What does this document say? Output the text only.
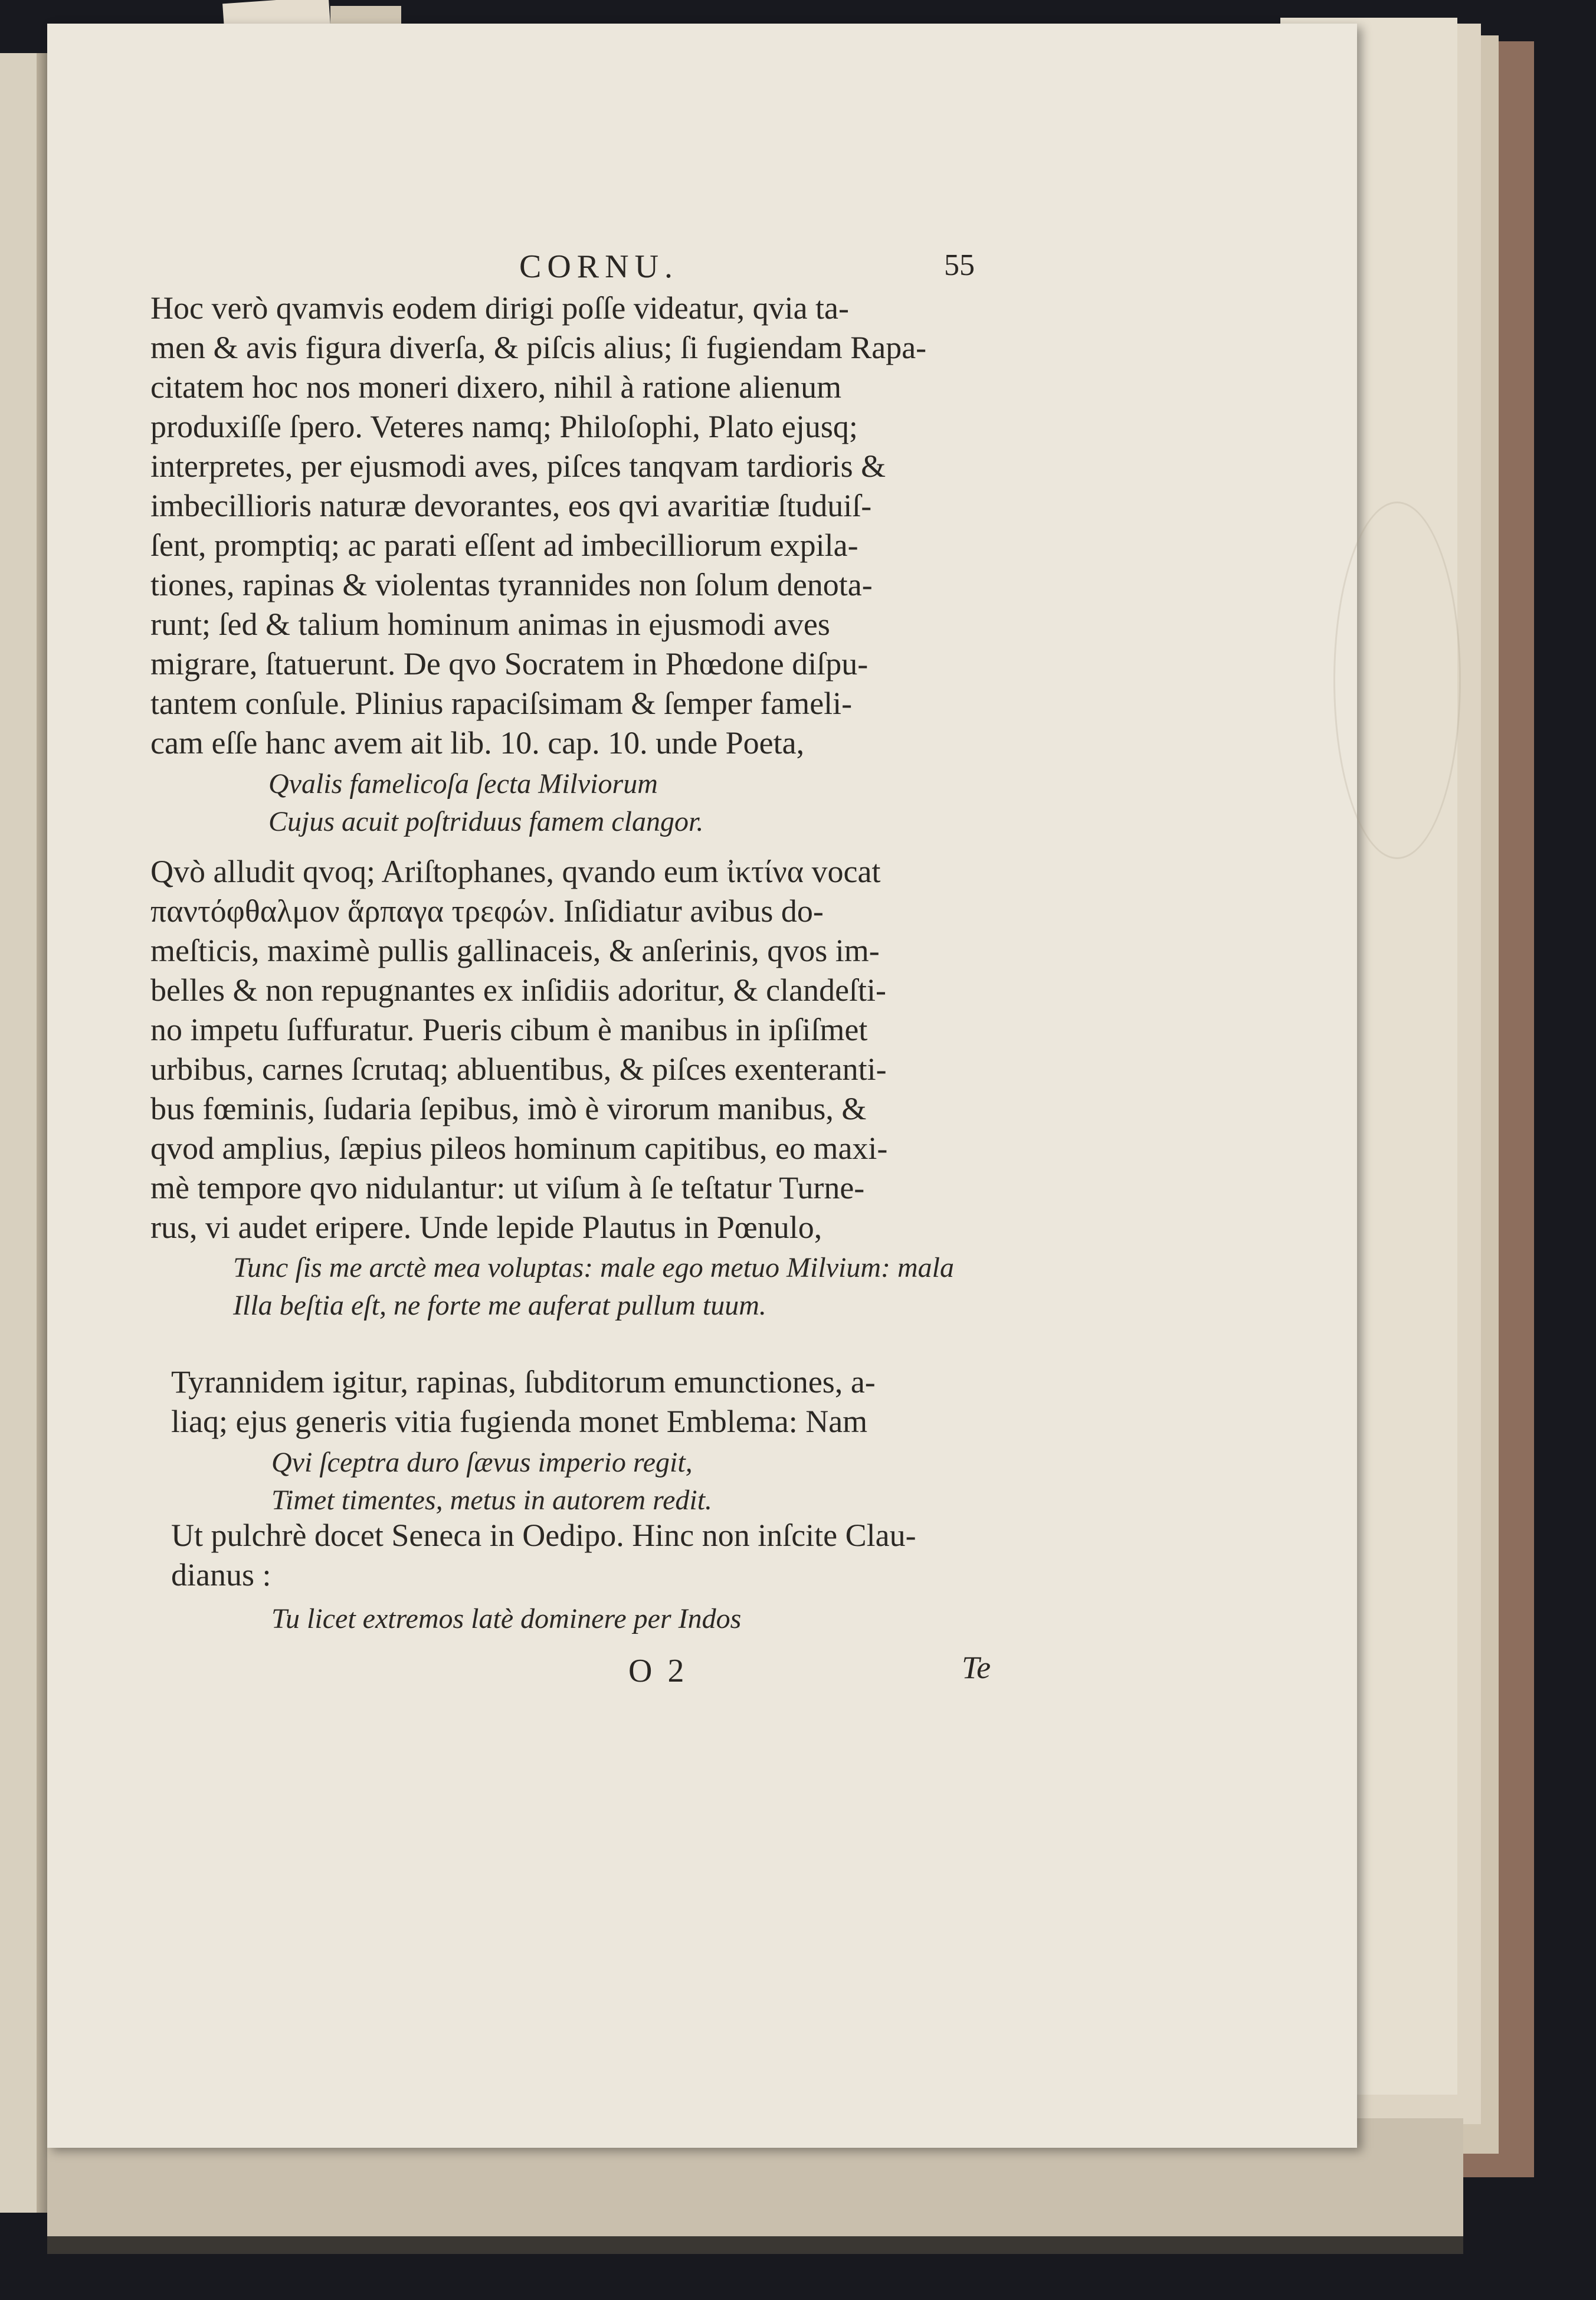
CORNU.	55
Hoc verò qvamvis eodem dirigi poſſe videatur, qvia ta-
men & avis figura diverſa, & piſcis alius; ſi fugiendam Rapa-
citatem hoc nos moneri dixero, nihil à ratione alienum
produxiſſe ſpero. Veteres namq; Philoſophi, Plato ejusq;
interpretes, per ejusmodi aves, piſces tanqvam tardioris &
imbecillioris naturæ devorantes, eos qvi avaritiæ ſtuduiſ-
ſent, promptiq; ac parati eſſent ad imbecilliorum expila-
tiones, rapinas & violentas tyrannides non ſolum denota-
runt; ſed & talium hominum animas in ejusmodi aves
migrare, ſtatuerunt. De qvo Socratem in Phœdone diſpu-
tantem conſule. Plinius rapaciſsimam & ſemper fameli-
cam eſſe hanc avem ait lib. 10. cap. 10. unde Poeta,
Qvalis famelicoſa ſecta Milviorum
Cujus acuit poſtriduus famem clangor.
Qvò alludit qvoq; Ariſtophanes, qvando eum ἰκτίνα vocat
παντόφθαλμον ἅρπαγα τρεφών. Inſidiatur avibus do-
meſticis, maximè pullis gallinaceis, & anſerinis, qvos im-
belles & non repugnantes ex inſidiis adoritur, & clandeſti-
no impetu ſuffuratur. Pueris cibum è manibus in ipſiſmet
urbibus, carnes ſcrutaq; abluentibus, & piſces exenteranti-
bus fœminis, ſudaria ſepibus, imò è virorum manibus, &
qvod amplius, ſæpius pileos hominum capitibus, eo maxi-
mè tempore qvo nidulantur: ut viſum à ſe teſtatur Turne-
rus, vi audet eripere. Unde lepide Plautus in Pœnulo,
Tunc ſis me arctè mea voluptas: male ego metuo Milvium: mala
Illa beſtia eſt, ne forte me auferat pullum tuum.
Tyrannidem igitur, rapinas, ſubditorum emunctiones, a-
liaq; ejus generis vitia fugienda monet Emblema: Nam
Qvi ſceptra duro ſævus imperio regit,
Timet timentes, metus in autorem redit.
Ut pulchrè docet Seneca in Oedipo. Hinc non inſcite Clau-
dianus :
Tu licet extremos latè dominere per Indos
O 2	Te
